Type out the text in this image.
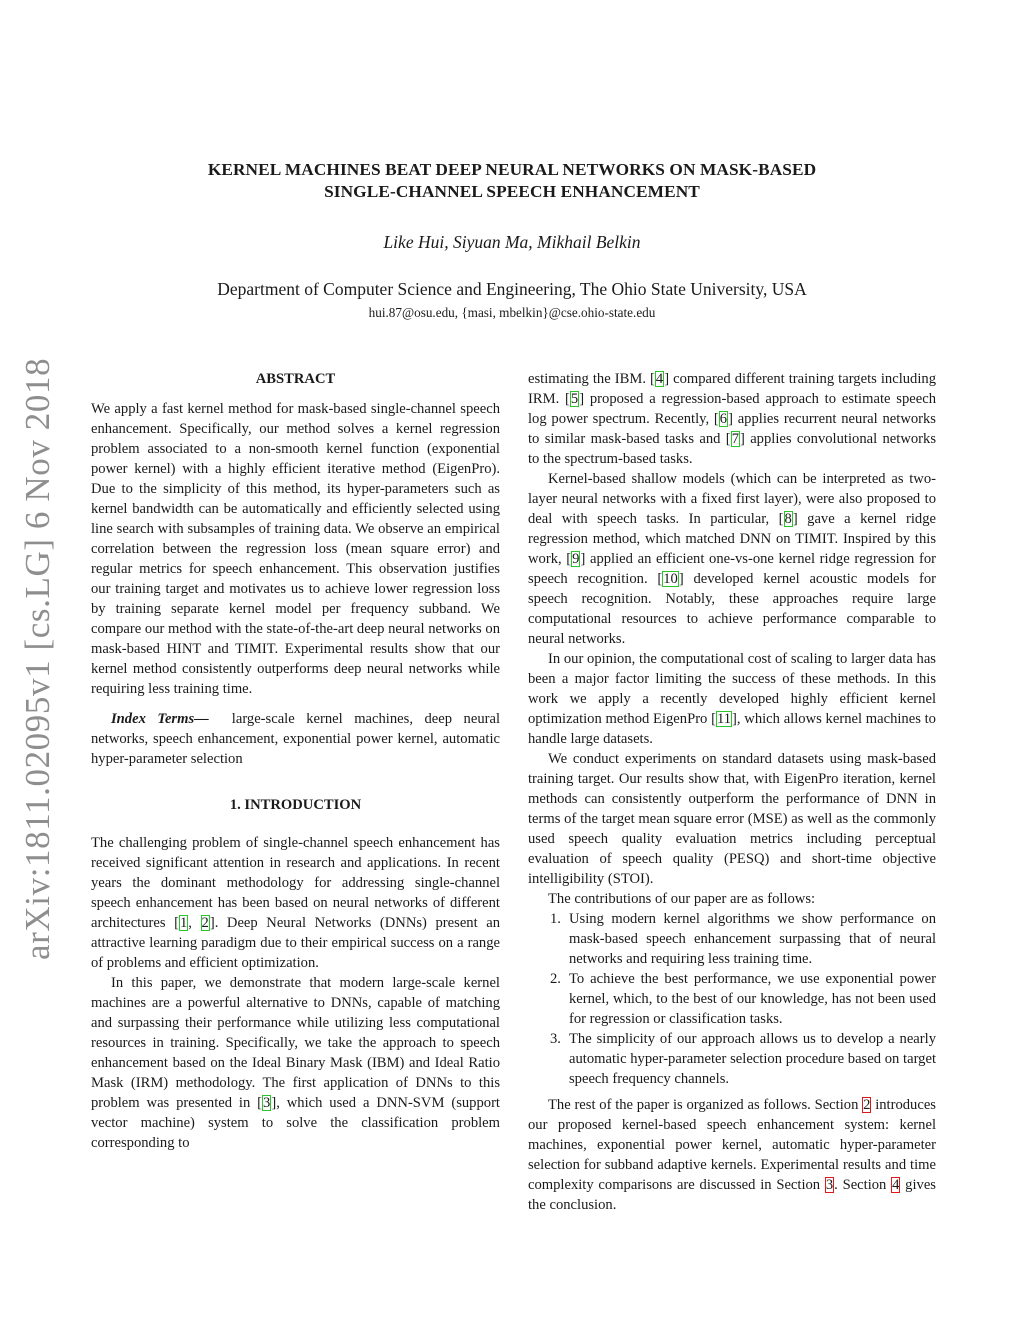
arXiv:1811.02095v1 [cs.LG] 6 Nov 2018
KERNEL MACHINES BEAT DEEP NEURAL NETWORKS ON MASK-BASED
SINGLE-CHANNEL SPEECH ENHANCEMENT
Like Hui, Siyuan Ma, Mikhail Belkin
Department of Computer Science and Engineering, The Ohio State University, USA
hui.87@osu.edu, {masi, mbelkin}@cse.ohio-state.edu
ABSTRACT

We apply a fast kernel method for mask-based single-channel speech enhancement. Specifically, our method solves a kernel regression problem associated to a non-smooth kernel function (exponential power kernel) with a highly efficient iterative method (EigenPro). Due to the simplicity of this method, its hyper-parameters such as kernel bandwidth can be automatically and efficiently selected using line search with subsamples of training data. We observe an empirical correlation between the regression loss (mean square error) and regular metrics for speech enhancement. This observation justifies our training target and motivates us to achieve lower regression loss by training separate kernel model per frequency subband. We compare our method with the state-of-the-art deep neural networks on mask-based HINT and TIMIT. Experimental results show that our kernel method consistently outperforms deep neural networks while requiring less training time.

Index Terms— large-scale kernel machines, deep neural networks, speech enhancement, exponential power kernel, automatic hyper-parameter selection

1. INTRODUCTION

The challenging problem of single-channel speech enhancement has received significant attention in research and applications. In recent years the dominant methodology for addressing single-channel speech enhancement has been based on neural networks of different architectures [1, 2]. Deep Neural Networks (DNNs) present an attractive learning paradigm due to their empirical success on a range of problems and efficient optimization.

In this paper, we demonstrate that modern large-scale kernel machines are a powerful alternative to DNNs, capable of matching and surpassing their performance while utilizing less computational resources in training. Specifically, we take the approach to speech enhancement based on the Ideal Binary Mask (IBM) and Ideal Ratio Mask (IRM) methodology. The first application of DNNs to this problem was presented in [3], which used a DNN-SVM (support vector machine) system to solve the classification problem corresponding to

estimating the IBM. [4] compared different training targets including IRM. [5] proposed a regression-based approach to estimate speech log power spectrum. Recently, [6] applies recurrent neural networks to similar mask-based tasks and [7] applies convolutional networks to the spectrum-based tasks.

Kernel-based shallow models (which can be interpreted as two-layer neural networks with a fixed first layer), were also proposed to deal with speech tasks. In particular, [8] gave a kernel ridge regression method, which matched DNN on TIMIT. Inspired by this work, [9] applied an efficient one-vs-one kernel ridge regression for speech recognition. [10] developed kernel acoustic models for speech recognition. Notably, these approaches require large computational resources to achieve performance comparable to neural networks.

In our opinion, the computational cost of scaling to larger data has been a major factor limiting the success of these methods. In this work we apply a recently developed highly efficient kernel optimization method EigenPro [11], which allows kernel machines to handle large datasets.

We conduct experiments on standard datasets using mask-based training target. Our results show that, with EigenPro iteration, kernel methods can consistently outperform the performance of DNN in terms of the target mean square error (MSE) as well as the commonly used speech quality evaluation metrics including perceptual evaluation of speech quality (PESQ) and short-time objective intelligibility (STOI).

The contributions of our paper are as follows:

1. Using modern kernel algorithms we show performance on mask-based speech enhancement surpassing that of neural networks and requiring less training time.
2. To achieve the best performance, we use exponential power kernel, which, to the best of our knowledge, has not been used for regression or classification tasks.
3. The simplicity of our approach allows us to develop a nearly automatic hyper-parameter selection procedure based on target speech frequency channels.

The rest of the paper is organized as follows. Section 2 introduces our proposed kernel-based speech enhancement system: kernel machines, exponential power kernel, automatic hyper-parameter selection for subband adaptive kernels. Experimental results and time complexity comparisons are discussed in Section 3. Section 4 gives the conclusion.
